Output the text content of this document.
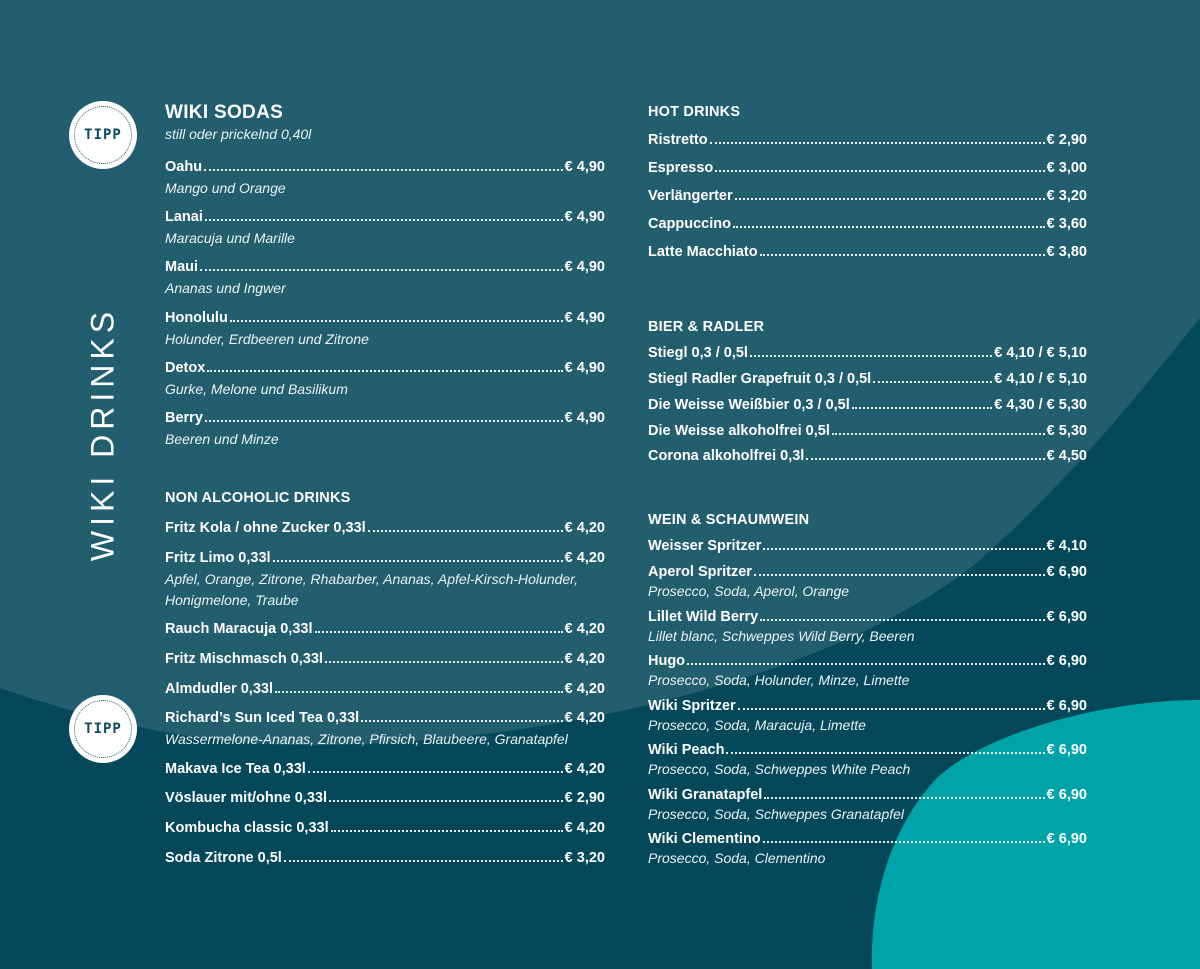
WIKI DRINKS
TIPP
TIPP
WIKI SODAS
still oder prickelnd 0,40l
Oahu	€ 4,90
Mango und Orange
Lanai	€ 4,90
Maracuja und Marille
Maui	€ 4,90
Ananas und Ingwer
Honolulu	€ 4,90
Holunder, Erdbeeren und Zitrone
Detox	€ 4,90
Gurke, Melone und Basilikum
Berry	€ 4,90
Beeren und Minze
NON ALCOHOLIC DRINKS
Fritz Kola / ohne Zucker 0,33l	€ 4,20
Fritz Limo 0,33l	€ 4,20
Apfel, Orange, Zitrone, Rhabarber, Ananas, Apfel-Kirsch-Holunder,
Honigmelone, Traube
Rauch Maracuja 0,33l	€ 4,20
Fritz Mischmasch 0,33l	€ 4,20
Almdudler 0,33l	€ 4,20
Richard’s Sun Iced Tea 0,33l	€ 4,20
Wassermelone-Ananas, Zitrone, Pfirsich, Blaubeere, Granatapfel
Makava Ice Tea 0,33l	€ 4,20
Vöslauer mit/ohne 0,33l	€ 2,90
Kombucha classic 0,33l	€ 4,20
Soda Zitrone 0,5l	€ 3,20
HOT DRINKS
Ristretto	€ 2,90
Espresso	€ 3,00
Verlängerter	€ 3,20
Cappuccino	€ 3,60
Latte Macchiato	€ 3,80
BIER & RADLER
Stiegl 0,3 / 0,5l	€ 4,10 / € 5,10
Stiegl Radler Grapefruit 0,3 / 0,5l	€ 4,10 / € 5,10
Die Weisse Weißbier 0,3 / 0,5l	€ 4,30 / € 5,30
Die Weisse alkoholfrei 0,5l	€ 5,30
Corona alkoholfrei 0,3l	€ 4,50
WEIN & SCHAUMWEIN
Weisser Spritzer	€ 4,10
Aperol Spritzer	€ 6,90
Prosecco, Soda, Aperol, Orange
Lillet Wild Berry	€ 6,90
Lillet blanc, Schweppes Wild Berry, Beeren
Hugo	€ 6,90
Prosecco, Soda, Holunder, Minze, Limette
Wiki Spritzer	€ 6,90
Prosecco, Soda, Maracuja, Limette
Wiki Peach	€ 6,90
Prosecco, Soda, Schweppes White Peach
Wiki Granatapfel	€ 6,90
Prosecco, Soda, Schweppes Granatapfel
Wiki Clementino	€ 6,90
Prosecco, Soda, Clementino
